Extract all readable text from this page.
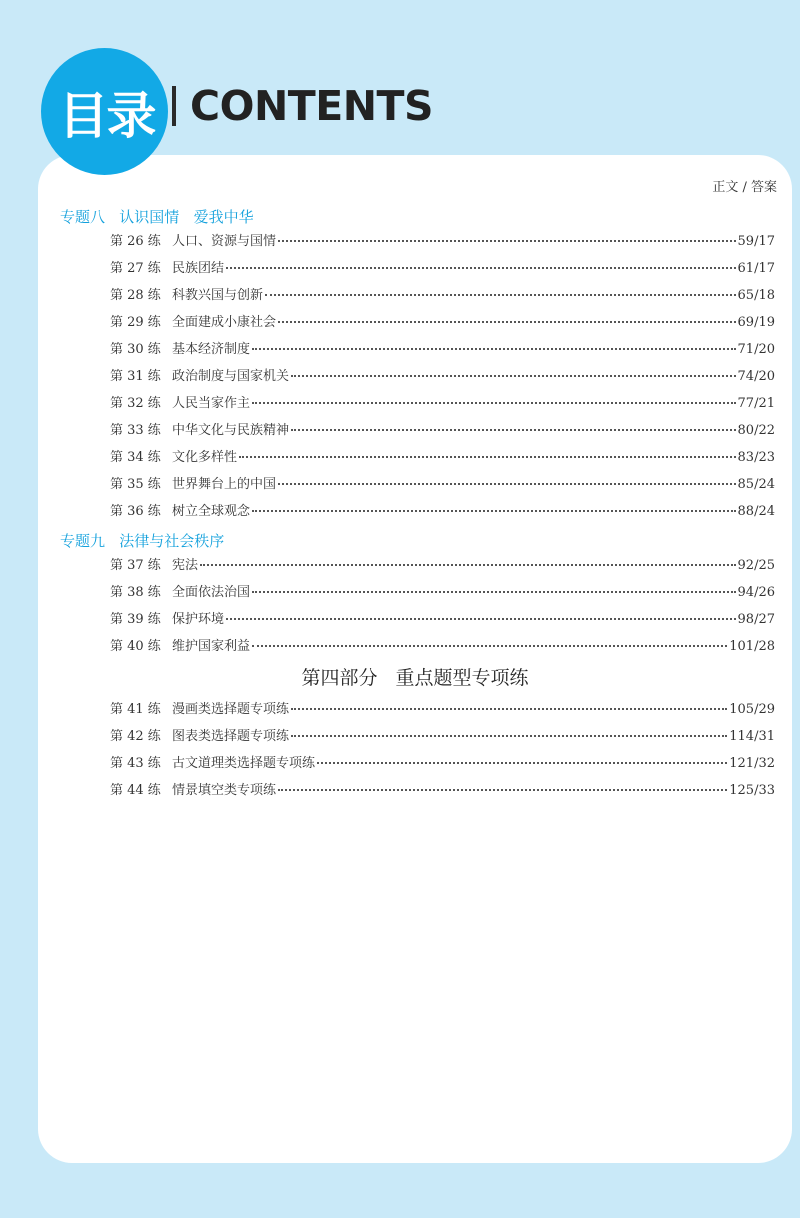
目录 CONTENTS
正文 / 答案
专题八   认识国情   爱我中华
第 26 练 人口、资源与国情	59/17
第 27 练 民族团结	61/17
第 28 练 科教兴国与创新	65/18
第 29 练 全面建成小康社会	69/19
第 30 练 基本经济制度	71/20
第 31 练 政治制度与国家机关	74/20
第 32 练 人民当家作主	77/21
第 33 练 中华文化与民族精神	80/22
第 34 练 文化多样性	83/23
第 35 练 世界舞台上的中国	85/24
第 36 练 树立全球观念	88/24
专题九   法律与社会秩序
第 37 练 宪法	92/25
第 38 练 全面依法治国	94/26
第 39 练 保护环境	98/27
第 40 练 维护国家利益	101/28
第四部分   重点题型专项练
第 41 练 漫画类选择题专项练	105/29
第 42 练 图表类选择题专项练	114/31
第 43 练 古文道理类选择题专项练	121/32
第 44 练 情景填空类专项练	125/33
